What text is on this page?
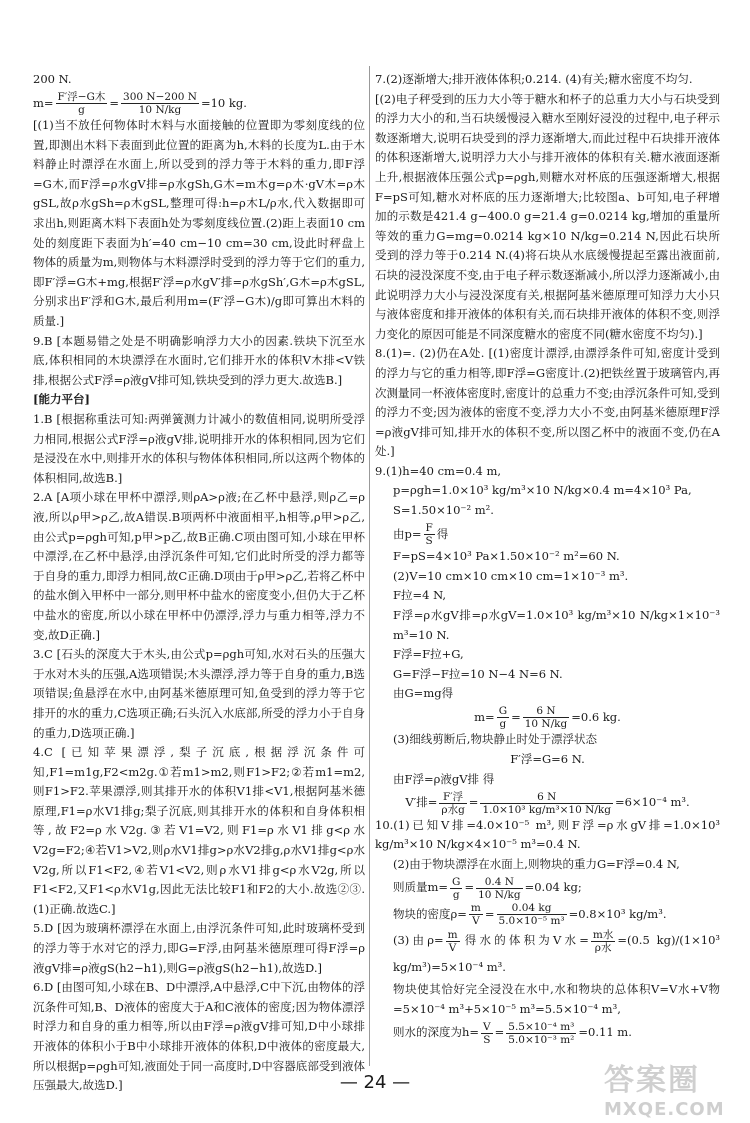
200 N.

$m= \frac{\text{F′浮−G木}}{g} = \frac{300 N-200 N}{10 N/kg} =10$ kg.

[(1)当不放任何物体时木料与水面接触的位置即为零刻度线的位置,即测出木料下表面到此位置的距离为h,木料的长度为L.由于木料静止时漂浮在水面上,所以受到的浮力等于木料的重力,即F浮=G木,而F浮=ρ水gV排=ρ水gSh,G木=m木g=ρ木·gV木=ρ木gSL,故ρ水gSh=ρ木gSL,整理可得:h=ρ木L/ρ水,代入数据即可求出h,则距离木料下表面h处为零刻度线位置.(2)距上表面10 cm处的刻度距下表面为h′=40 cm−10 cm=30 cm,设此时秤盘上物体的质量为m,则物体与木料漂浮时受到的浮力等于它们的重力,即F′浮=G木+mg,根据F′浮=ρ水gV′排=ρ水gSh′,G木=ρ木gSL,分别求出F′浮和G木,最后利用m=(F′浮−G木)/g即可算出木料的质量.]

9.B [本题易错之处是不明确影响浮力大小的因素.铁块下沉至水底,体积相同的木块漂浮在水面时,它们排开水的体积V木排<V铁排,根据公式F浮=ρ液gV排可知,铁块受到的浮力更大.故选B.]

[能力平台]

1.B [根据称重法可知:两弹簧测力计减小的数值相同,说明所受浮力相同,根据公式F浮=ρ液gV排,说明排开水的体积相同,因为它们是浸没在水中,则排开水的体积与物体体积相同,所以这两个物体的体积相同,故选B.]

2.A [A项小球在甲杯中漂浮,则ρA>ρ液;在乙杯中悬浮,则ρ乙=ρ液,所以ρ甲>ρ乙,故A错误.B项两杯中液面相平,h相等,ρ甲>ρ乙,由公式p=ρgh可知,p甲>p乙,故B正确.C项由图可知,小球在甲杯中漂浮,在乙杯中悬浮,由浮沉条件可知,它们此时所受的浮力都等于自身的重力,即浮力相同,故C正确.D项由于ρ甲>ρ乙,若将乙杯中的盐水倒入甲杯中一部分,则甲杯中盐水的密度变小,但仍大于乙杯中盐水的密度,所以小球在甲杯中仍漂浮,浮力与重力相等,浮力不变,故D正确.]

3.C [石头的深度大于木头,由公式p=ρgh可知,水对石头的压强大于水对木头的压强,A选项错误;木头漂浮,浮力等于自身的重力,B选项错误;鱼悬浮在水中,由阿基米德原理可知,鱼受到的浮力等于它排开的水的重力,C选项正确;石头沉入水底部,所受的浮力小于自身的重力,D选项正确.]

4.C [已知苹果漂浮,梨子沉底,根据浮沉条件可知,F1=m1g,F2<m2g.①若m1>m2,则F1>F2;②若m1=m2,则F1>F2.苹果漂浮,则其排开水的体积V1排<V1,根据阿基米德原理,F1=ρ水V1排g;梨子沉底,则其排开水的体积和自身体积相等,故F2=ρ水V2g.③若V1=V2,则F1=ρ水V1排g<ρ水V2g=F2;④若V1>V2,则ρ水V1排g>ρ水V2排g,ρ水V1排g<ρ水V2g,所以F1<F2,④若V1<V2,则ρ水V1排g<ρ水V2g,所以F1<F2,又F1<ρ水V1g,因此无法比较F1和F2的大小.故选②③.(1)正确.故选C.]

5.D [因为玻璃杯漂浮在水面上,由浮沉条件可知,此时玻璃杯受到的浮力等于水对它的浮力,即G=F浮,由阿基米德原理可得F浮=ρ液gV排=ρ液gS(h2−h1),则G=ρ液gS(h2−h1),故选D.]

6.D [由图可知,小球在B、D中漂浮,A中悬浮,C中下沉,由物体的浮沉条件可知,B、D液体的密度大于A和C液体的密度;因为物体漂浮时浮力和自身的重力相等,所以由F浮=ρ液gV排可知,D中小球排开液体的体积小于B中小球排开液体的体积,D中液体的密度最大,所以根据p=ρgh可知,液面处于同一高度时,D中容器底部受到液体压强最大,故选D.]

7.(2)逐渐增大;排开液体体积;0.214. (4)有关;糖水密度不均匀.

[(2)电子秤受到的压力大小等于糖水和杯子的总重力大小与石块受到的浮力大小的和,当石块缓慢浸入糖水至刚好浸没的过程中,电子秤示数逐渐增大,说明石块受到的浮力逐渐增大,而此过程中石块排开液体的体积逐渐增大,说明浮力大小与排开液体的体积有关.糖水液面逐渐上升,根据液体压强公式p=ρgh,则糖水对杯底的压强逐渐增大,根据F=pS可知,糖水对杯底的压力逐渐增大;比较图a、b可知,电子秤增加的示数是421.4 g−400.0 g=21.4 g=0.0214 kg,增加的重量所等效的重力G=mg=0.0214 kg×10 N/kg=0.214 N,因此石块所受到的浮力等于0.214 N.(4)将石块从水底缓慢提起至露出液面前,石块的浸没深度不变,由于电子秤示数逐渐减小,所以浮力逐渐减小,由此说明浮力大小与浸没深度有关,根据阿基米德原理可知浮力大小只与液体密度和排开液体的体积有关,而石块排开液体的体积不变,则浮力变化的原因可能是不同深度糖水的密度不同(糖水密度不均匀).]

8.(1)=. (2)仍在A处. [(1)密度计漂浮,由漂浮条件可知,密度计受到的浮力与它的重力相等,即F浮=G密度计.(2)把铁丝置于玻璃管内,再次测量同一杯液体密度时,密度计的总重力不变;由浮沉条件可知,受到的浮力不变;因为液体的密度不变,浮力大小不变,由阿基米德原理F浮=ρ液gV排可知,排开水的体积不变,所以图乙杯中的液面不变,仍在A处.]

9.(1)h=40 cm=0.4 m,

p=ρgh=1.0×10³ kg/m³×10 N/kg×0.4 m=4×10³ Pa,

S=1.50×10⁻² m².

由$p= \frac{F}{S}$ 得

F=pS=4×10³ Pa×1.50×10⁻² m²=60 N.

(2)V=10 cm×10 cm×10 cm=1×10⁻³ m³.

F拉=4 N,

F浮=ρ水gV排=ρ水gV=1.0×10³ kg/m³×10 N/kg×1×10⁻³ m³=10 N.

F浮=F拉+G,

G=F浮−F拉=10 N−4 N=6 N.

由G=mg得

$m= \frac{G}{g} = \frac{6 N}{10 N/kg} =0.6$ kg.

(3)细线剪断后,物块静止时处于漂浮状态

F′浮=G=6 N.

由F浮=ρ液gV排 得

V′排= $\frac{\text{F′浮}}{\text{ρ水g}} = \frac{6 N}{\text{1.0×10³ kg/m³×10 N/kg}} =6\times 10^{-4}$ m³.

10.(1)已知V排=4.0×10⁻⁵ m³,则F浮=ρ水gV排=1.0×10³ kg/m³×10 N/kg×4×10⁻⁵ m³=0.4 N.

(2)由于物块漂浮在水面上,则物块的重力G=F浮=0.4 N,

则质量$m= \frac{G}{g} = \frac{0.4 N}{10 N/kg} =0.04$ kg;

物块的密度$\rho= \frac{m}{V} = \frac{0.04 kg}{\text{5.0×10⁻⁵ m³}} =0.8\times 10^3$ kg/m³.

(3)由$\rho= \frac{m}{V}$ 得水的体积为V水= $\frac{\text{m水}}{\text{ρ水}} =(0.5$ kg)/(1×10³ kg/m³)=5×10⁻⁴ m³.

物块使其恰好完全浸没在水中,水和物块的总体积V=V水+V物=5×10⁻⁴ m³+5×10⁻⁵ m³=5.5×10⁻⁴ m³,

则水的深度为$h= \frac{V}{S} = \frac{\text{5.5×10⁻⁴ m³}}{\text{5.0×10⁻³ m²}} =0.11$ m.

— 24 —	答案圈
MXQE.COM
